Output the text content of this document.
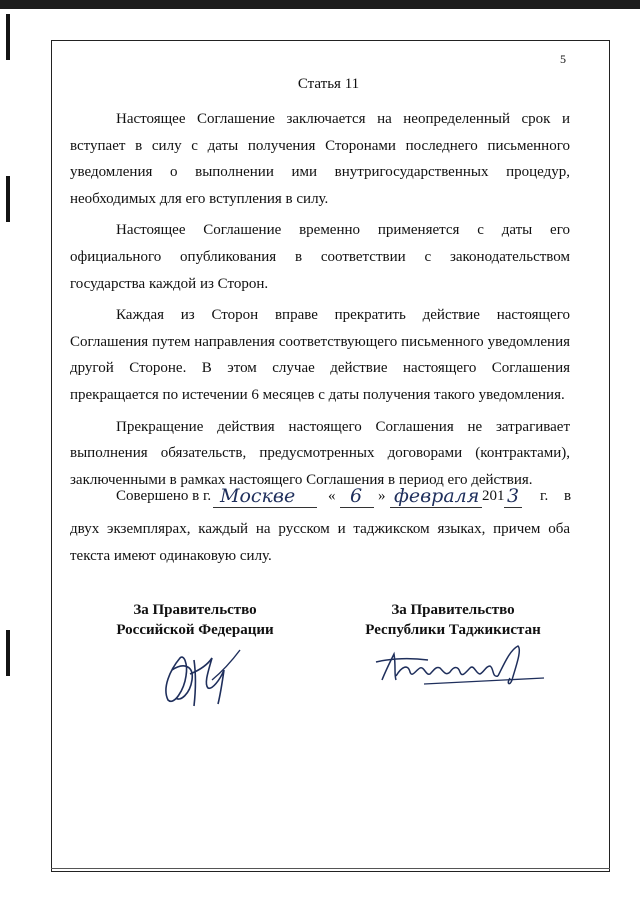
5
Статья 11

Настоящее Соглашение заключается на неопределенный срок и вступает в силу с даты получения Сторонами последнего письменного уведомления о выполнении ими внутригосударственных процедур, необходимых для его вступления в силу.

Настоящее Соглашение временно применяется с даты его официального опубликования в соответствии с законодательством государства каждой из Сторон.

Каждая из Сторон вправе прекратить действие настоящего Соглашения путем направления соответствующего письменного уведомления другой Стороне. В этом случае действие настоящего Соглашения прекращается по истечении 6 месяцев с даты получения такого уведомления.

Прекращение действия настоящего Соглашения не затрагивает выполнения обязательств, предусмотренных договорами (контрактами), заключенными в рамках настоящего Соглашения в период его действия.

Совершено в г. Москве « 6 » февраля 201 3 г. в

двух экземплярах, каждый на русском и таджикском языках, причем оба текста имеют одинаковую силу.

За Правительство
Российской Федерации
За Правительство
Республики Таджикистан
